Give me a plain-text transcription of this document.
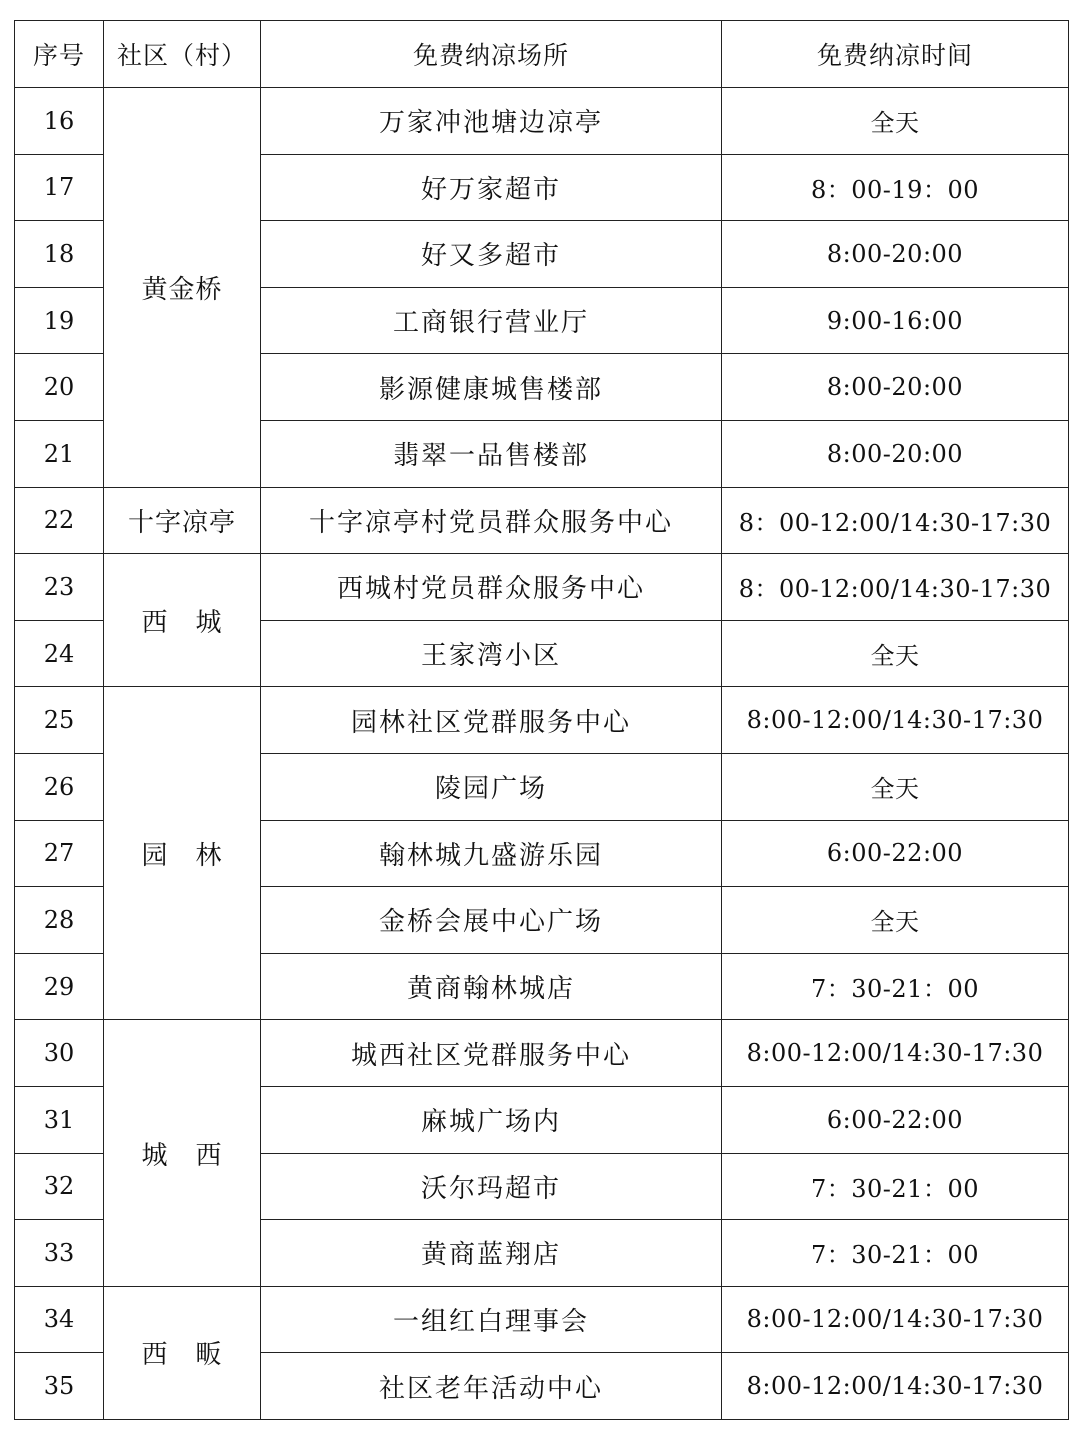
序号	社区（村）	免费纳凉场所	免费纳凉时间
16	黄金桥	万家冲池塘边凉亭	全天
17		好万家超市	8：00-19：00
18		好又多超市	8:00-20:00
19		工商银行营业厅	9:00-16:00
20		影源健康城售楼部	8:00-20:00
21		翡翠一品售楼部	8:00-20:00
22	十字凉亭	十字凉亭村党员群众服务中心	8：00-12:00/14:30-17:30
23	西　城	西城村党员群众服务中心	8：00-12:00/14:30-17:30
24		王家湾小区	全天
25	园　林	园林社区党群服务中心	8:00-12:00/14:30-17:30
26		陵园广场	全天
27		翰林城九盛游乐园	6:00-22:00
28		金桥会展中心广场	全天
29		黄商翰林城店	7：30-21：00
30	城　西	城西社区党群服务中心	8:00-12:00/14:30-17:30
31		麻城广场内	6:00-22:00
32		沃尔玛超市	7：30-21：00
33		黄商蓝翔店	7：30-21：00
34	西　畈	一组红白理事会	8:00-12:00/14:30-17:30
35		社区老年活动中心	8:00-12:00/14:30-17:30
